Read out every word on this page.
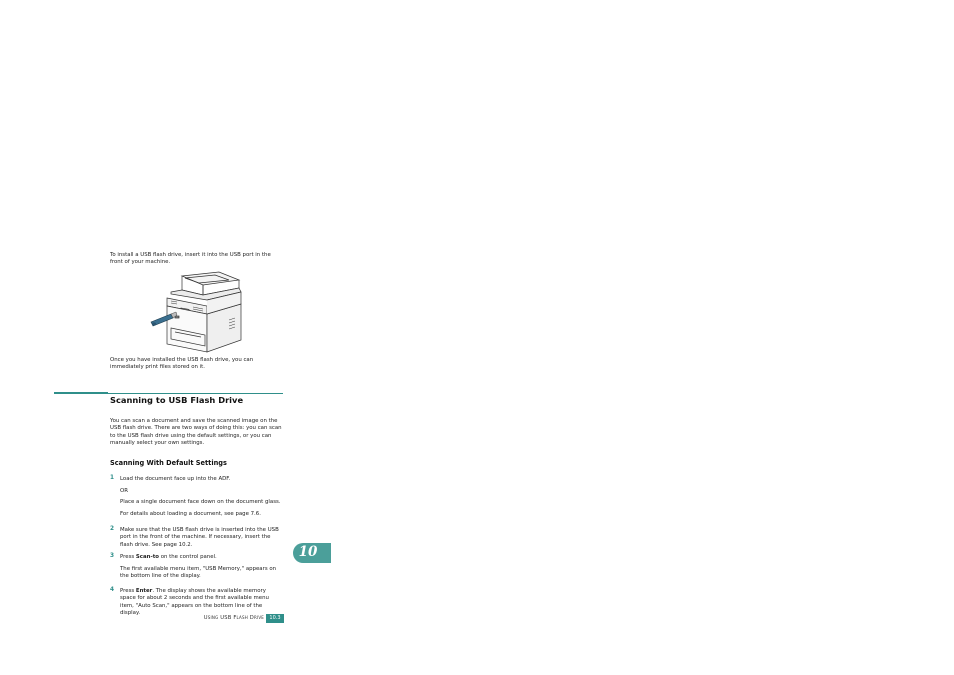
To install a USB flash drive, insert it into the USB port in the front of your machine.
Once you have installed the USB flash drive, you can immediately print files stored on it.
Scanning to USB Flash Drive
You can scan a document and save the scanned image on the USB flash drive. There are two ways of doing this: you can scan to the USB flash drive using the default settings, or you can manually select your own settings.
Scanning With Default Settings
1	Load the document face up into the ADF.
OR
Place a single document face down on the document glass.
For details about loading a document, see page 7.6.
2	Make sure that the USB flash drive is inserted into the USB port in the front of the machine. If necessary, insert the flash drive. See page 10.2.
3	Press Scan-to on the control panel.
The first available menu item, "USB Memory," appears on the bottom line of the display.
4	Press Enter. The display shows the available memory space for about 2 seconds and the first available menu item, "Auto Scan," appears on the bottom line of the display.
10
Using USB Flash Drive	10.3
